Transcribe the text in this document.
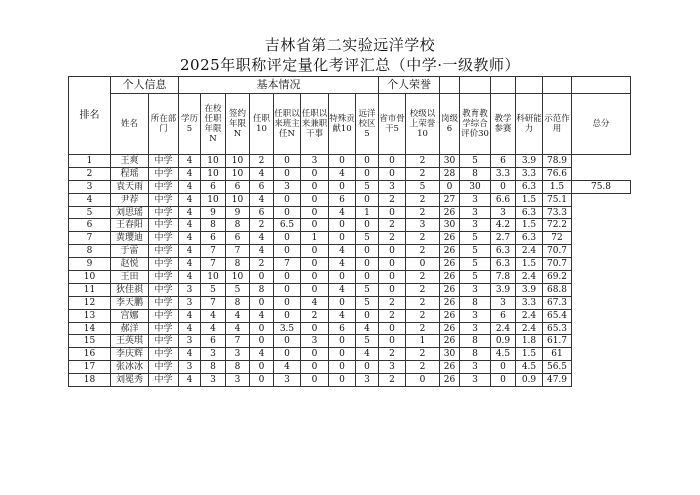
吉林省第二实验远洋学校
2025年职称评定量化考评汇总（中学·一级教师）
排名	个人信息		基本情况								个人荣誉							
	姓名	所在部门	学历5	在校任职年限N	签约年限N	任职10	任职以来班主任N	任职以来兼职干事	特殊贡献10	远洋校区5	省市骨干5	校级以上荣誉10	岗级6	教育教学综合评价30	教学参赛	科研能力	示范作用	总分
1	王爽	中学	4	10	10	2	0	3	0	0	0	2	30	5	6	3.9	78.9	
2	程瑶	中学	4	10	10	4	0	0	4	0	0	2	28	8	3.3	3.3	76.6	
3	袁天雨	中学	4	6	6	6	3	0	0	5	3	5	0	30	0	6.3	1.5	75.8
4	尹荐	中学	4	10	10	4	0	0	6	0	2	2	27	3	6.6	1.5	75.1	
5	刘思瑶	中学	4	9	9	6	0	0	4	1	0	2	26	3	3	6.3	73.3	
6	王春阳	中学	4	8	8	2	6.5	0	0	0	2	3	30	3	4.2	1.5	72.2	
7	黄璎迪	中学	4	6	6	4	0	1	0	5	2	2	26	5	2.7	6.3	72	
8	于雷	中学	4	7	7	4	0	0	4	0	0	2	26	5	6.3	2.4	70.7	
9	赵悦	中学	4	7	8	2	7	0	4	0	0	0	26	5	6.3	1.5	70.7	
10	王田	中学	4	10	10	0	0	0	0	0	0	2	26	5	7.8	2.4	69.2	
11	狄佳祺	中学	3	5	5	8	0	0	4	5	0	2	26	3	3.9	3.9	68.8	
12	李天鹏	中学	3	7	8	0	0	4	0	5	2	2	26	8	3	3.3	67.3	
13	宫娜	中学	4	4	4	4	0	2	4	0	2	2	26	3	6	2.4	65.4	
14	郝洋	中学	4	4	4	0	3.5	0	6	4	0	2	26	3	2.4	2.4	65.3	
15	王英琪	中学	3	6	7	0	0	3	0	5	0	1	26	8	0.9	1.8	61.7	
16	李庆辉	中学	4	3	3	4	0	0	0	4	2	2	30	8	4.5	1.5	61	
17	张冰冰	中学	3	8	8	0	4	0	0	0	3	2	26	3	0	4.5	56.5	
18	刘冕秀	中学	4	3	3	0	3	0	0	3	2	0	26	3	0	0.9	47.9	
